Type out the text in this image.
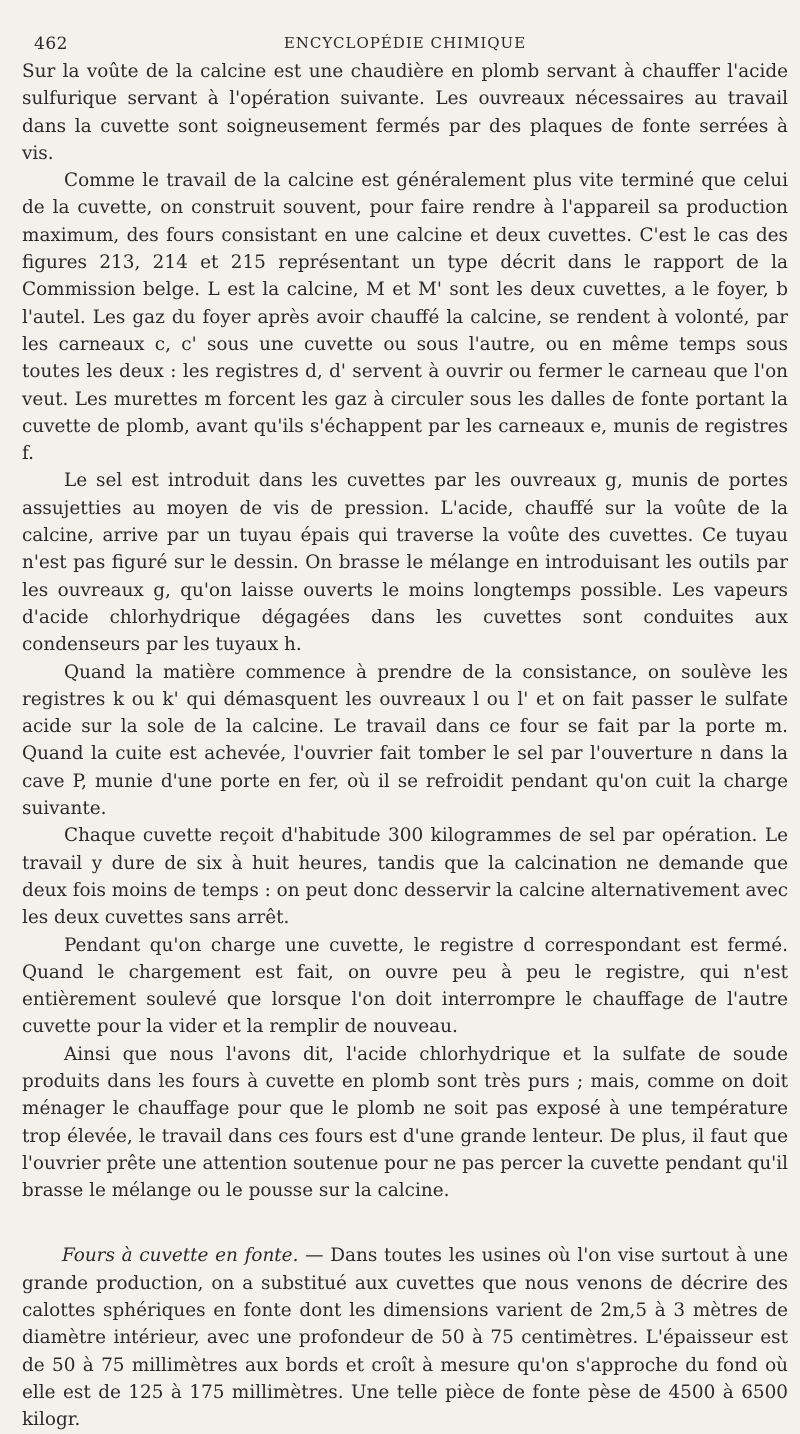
462	ENCYCLOPÉDIE CHIMIQUE

Sur la voûte de la calcine est une chaudière en plomb servant à chauffer l'acide sulfurique servant à l'opération suivante. Les ouvreaux nécessaires au travail dans la cuvette sont soigneusement fermés par des plaques de fonte serrées à vis.

Comme le travail de la calcine est généralement plus vite terminé que celui de la cuvette, on construit souvent, pour faire rendre à l'appareil sa production maximum, des fours consistant en une calcine et deux cuvettes. C'est le cas des figures 213, 214 et 215 représentant un type décrit dans le rapport de la Commission belge. L est la calcine, M et M' sont les deux cuvettes, a le foyer, b l'autel. Les gaz du foyer après avoir chauffé la calcine, se rendent à volonté, par les carneaux c, c' sous une cuvette ou sous l'autre, ou en même temps sous toutes les deux : les registres d, d' servent à ouvrir ou fermer le carneau que l'on veut. Les murettes m forcent les gaz à circuler sous les dalles de fonte portant la cuvette de plomb, avant qu'ils s'échappent par les carneaux e, munis de registres f.

Le sel est introduit dans les cuvettes par les ouvreaux g, munis de portes assujetties au moyen de vis de pression. L'acide, chauffé sur la voûte de la calcine, arrive par un tuyau épais qui traverse la voûte des cuvettes. Ce tuyau n'est pas figuré sur le dessin. On brasse le mélange en introduisant les outils par les ouvreaux g, qu'on laisse ouverts le moins longtemps possible. Les vapeurs d'acide chlorhydrique dégagées dans les cuvettes sont conduites aux condenseurs par les tuyaux h.

Quand la matière commence à prendre de la consistance, on soulève les registres k ou k' qui démasquent les ouvreaux l ou l' et on fait passer le sulfate acide sur la sole de la calcine. Le travail dans ce four se fait par la porte m. Quand la cuite est achevée, l'ouvrier fait tomber le sel par l'ouverture n dans la cave P, munie d'une porte en fer, où il se refroidit pendant qu'on cuit la charge suivante.

Chaque cuvette reçoit d'habitude 300 kilogrammes de sel par opération. Le travail y dure de six à huit heures, tandis que la calcination ne demande que deux fois moins de temps : on peut donc desservir la calcine alternativement avec les deux cuvettes sans arrêt.

Pendant qu'on charge une cuvette, le registre d correspondant est fermé. Quand le chargement est fait, on ouvre peu à peu le registre, qui n'est entièrement soulevé que lorsque l'on doit interrompre le chauffage de l'autre cuvette pour la vider et la remplir de nouveau.

Ainsi que nous l'avons dit, l'acide chlorhydrique et la sulfate de soude produits dans les fours à cuvette en plomb sont très purs ; mais, comme on doit ménager le chauffage pour que le plomb ne soit pas exposé à une température trop élevée, le travail dans ces fours est d'une grande lenteur. De plus, il faut que l'ouvrier prête une attention soutenue pour ne pas percer la cuvette pendant qu'il brasse le mélange ou le pousse sur la calcine.

Fours à cuvette en fonte. — Dans toutes les usines où l'on vise surtout à une grande production, on a substitué aux cuvettes que nous venons de décrire des calottes sphériques en fonte dont les dimensions varient de 2m,5 à 3 mètres de diamètre intérieur, avec une profondeur de 50 à 75 centimètres. L'épaisseur est de 50 à 75 millimètres aux bords et croît à mesure qu'on s'approche du fond où elle est de 125 à 175 millimètres. Une telle pièce de fonte pèse de 4500 à 6500 kilogr.
